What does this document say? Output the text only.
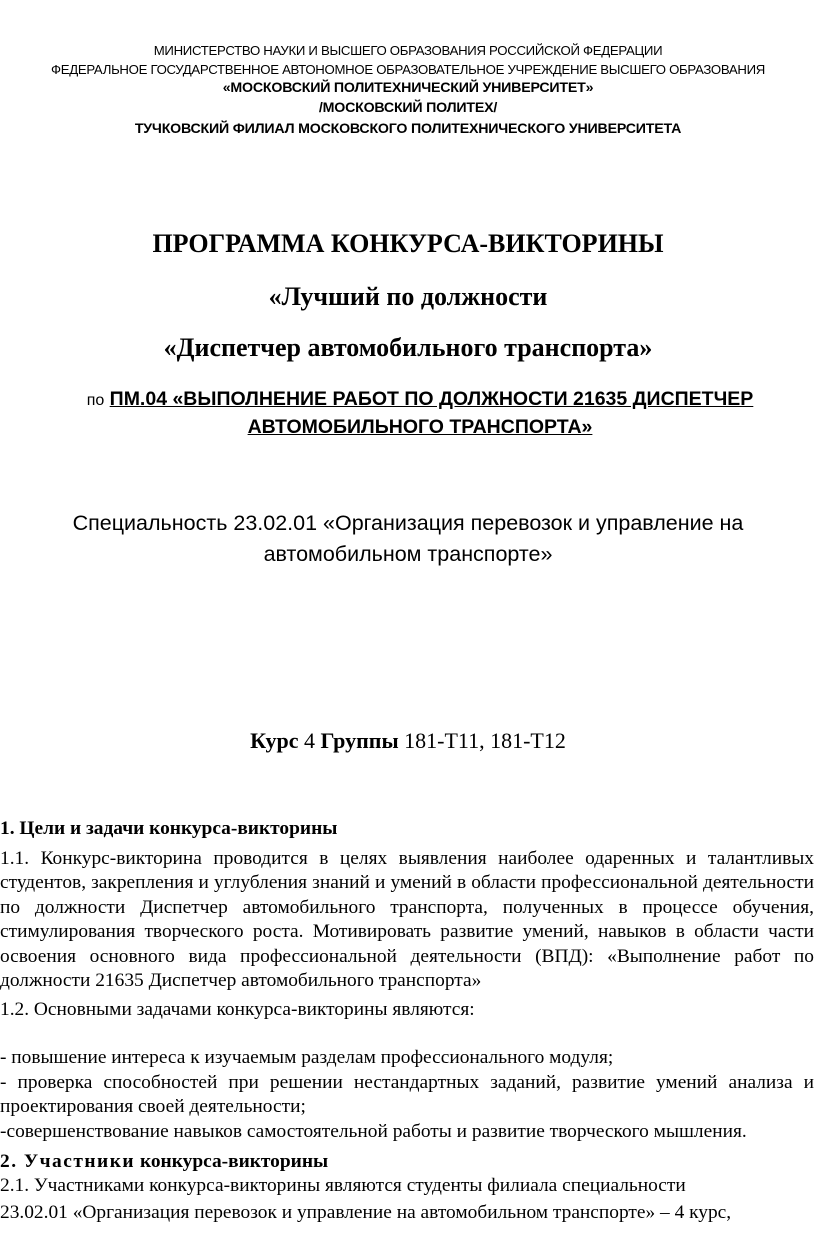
МИНИСТЕРСТВО НАУКИ И ВЫСШЕГО ОБРАЗОВАНИЯ РОССИЙСКОЙ ФЕДЕРАЦИИ
ФЕДЕРАЛЬНОЕ ГОСУДАРСТВЕННОЕ АВТОНОМНОЕ ОБРАЗОВАТЕЛЬНОЕ УЧРЕЖДЕНИЕ ВЫСШЕГО ОБРАЗОВАНИЯ
«МОСКОВСКИЙ ПОЛИТЕХНИЧЕСКИЙ УНИВЕРСИТЕТ»
/МОСКОВСКИЙ ПОЛИТЕХ/
ТУЧКОВСКИЙ ФИЛИАЛ МОСКОВСКОГО ПОЛИТЕХНИЧЕСКОГО УНИВЕРСИТЕТА
ПРОГРАММА КОНКУРСА-ВИКТОРИНЫ
«Лучший по должности
«Диспетчер автомобильного транспорта»
по ПМ.04 «ВЫПОЛНЕНИЕ РАБОТ ПО ДОЛЖНОСТИ 21635 ДИСПЕТЧЕР
АВТОМОБИЛЬНОГО ТРАНСПОРТА»
Специальность 23.02.01 «Организация перевозок и управление на
автомобильном транспорте»
Курс 4 Группы 181-Т11, 181-Т12
1. Цели и задачи конкурса-викторины
1.1. Конкурс-викторина проводится в целях выявления наиболее одаренных и талантливых студентов, закрепления и углубления знаний и умений в области профессиональной деятельности по должности Диспетчер автомобильного транспорта, полученных в процессе обучения, стимулирования творческого роста. Мотивировать развитие умений, навыков в области части освоения основного вида профессиональной деятельности (ВПД): «Выполнение работ по должности 21635 Диспетчер автомобильного транспорта»
1.2. Основными задачами конкурса-викторины являются:
- повышение интереса к изучаемым разделам профессионального модуля;
- проверка способностей при решении нестандартных заданий, развитие умений анализа и проектирования своей деятельности;
-совершенствование навыков самостоятельной работы и развитие творческого мышления.
2. Участники конкурса-викторины
2.1. Участниками конкурса-викторины являются студенты филиала специальности
23.02.01 «Организация перевозок и управление на автомобильном транспорте» – 4 курс,
